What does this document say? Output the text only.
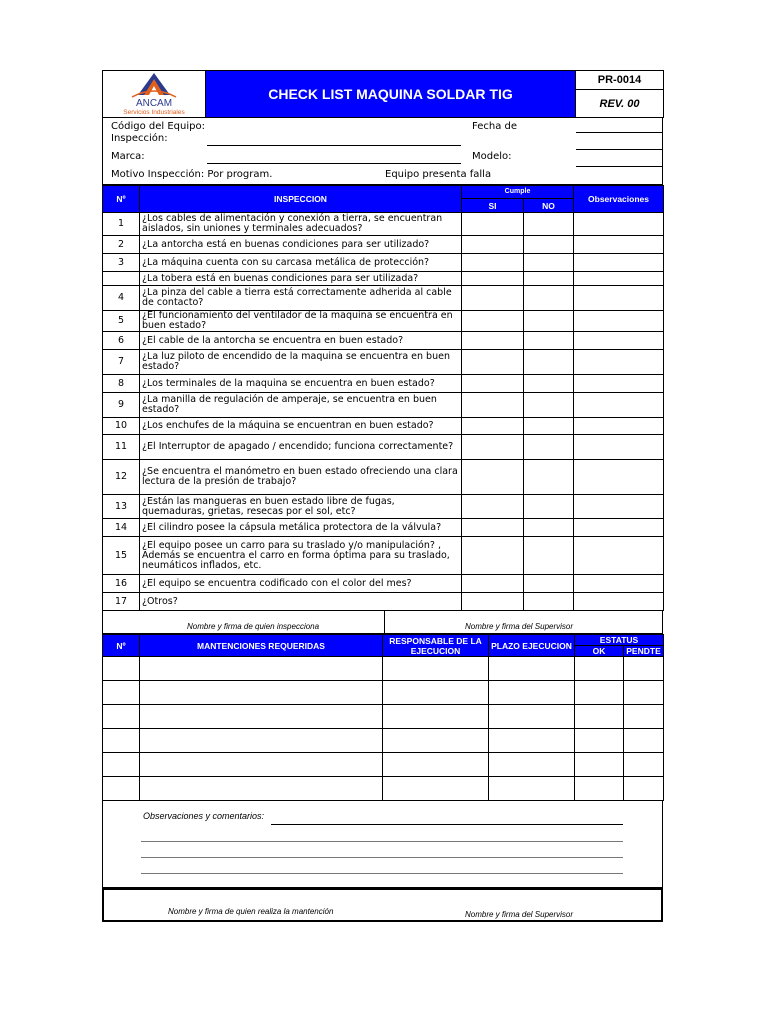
ANCAM
Servicios Industriales
	CHECK LIST MAQUINA SOLDAR TIG	PR-0014
REV. 00
Código del Equipo:
Inspección:
Fecha de
Marca:	Modelo:
Motivo Inspección: Por program.	Equipo presenta falla
Nº	INSPECCION	Cumple		Observaciones
		SI	NO	
1	¿Los cables de alimentación y conexión a tierra, se encuentran aislados, sin uniones y terminales adecuados?			
2	¿La antorcha está en buenas condiciones para ser utilizado?			
3	¿La máquina cuenta con su carcasa metálica de protección?			
	¿La tobera está en buenas condiciones para ser utilizada?			
4	¿La pinza del cable a tierra está correctamente adherida al cable de contacto?			
5	¿El funcionamiento del ventilador de la maquina se encuentra en buen estado?			
6	¿El cable de la antorcha se encuentra en buen estado?			
7	¿La luz piloto de encendido de la maquina se encuentra en buen estado?			
8	¿Los terminales de la maquina se encuentra en buen estado?			
9	¿La manilla de regulación de amperaje, se encuentra en buen estado?			
10	¿Los enchufes de la máquina se encuentran en buen estado?			
11	¿El Interruptor de apagado / encendido; funciona correctamente?			
12	¿Se encuentra el manómetro en buen estado ofreciendo una clara lectura de la presión de trabajo?			
13	¿Están las mangueras en buen estado libre de fugas, quemaduras, grietas, resecas por el sol, etc?			
14	¿El cilindro posee la cápsula metálica protectora de la válvula?			
15	¿El equipo posee un carro para su traslado y/o manipulación? , Además se encuentra el carro en forma óptima para su traslado, neumáticos inflados, etc.			
16	¿El equipo se encuentra codificado con el color del mes?			
17	¿Otros?			
Nombre y firma de quien inspecciona	Nombre y firma del Supervisor
Nº	MANTENCIONES REQUERIDAS	RESPONSABLE DE LA EJECUCION	PLAZO EJECUCION	ESTATUS	
				OK	PENDTE

Observaciones y comentarios:
Nombre y firma de quien realiza la mantención	Nombre y firma del Supervisor
